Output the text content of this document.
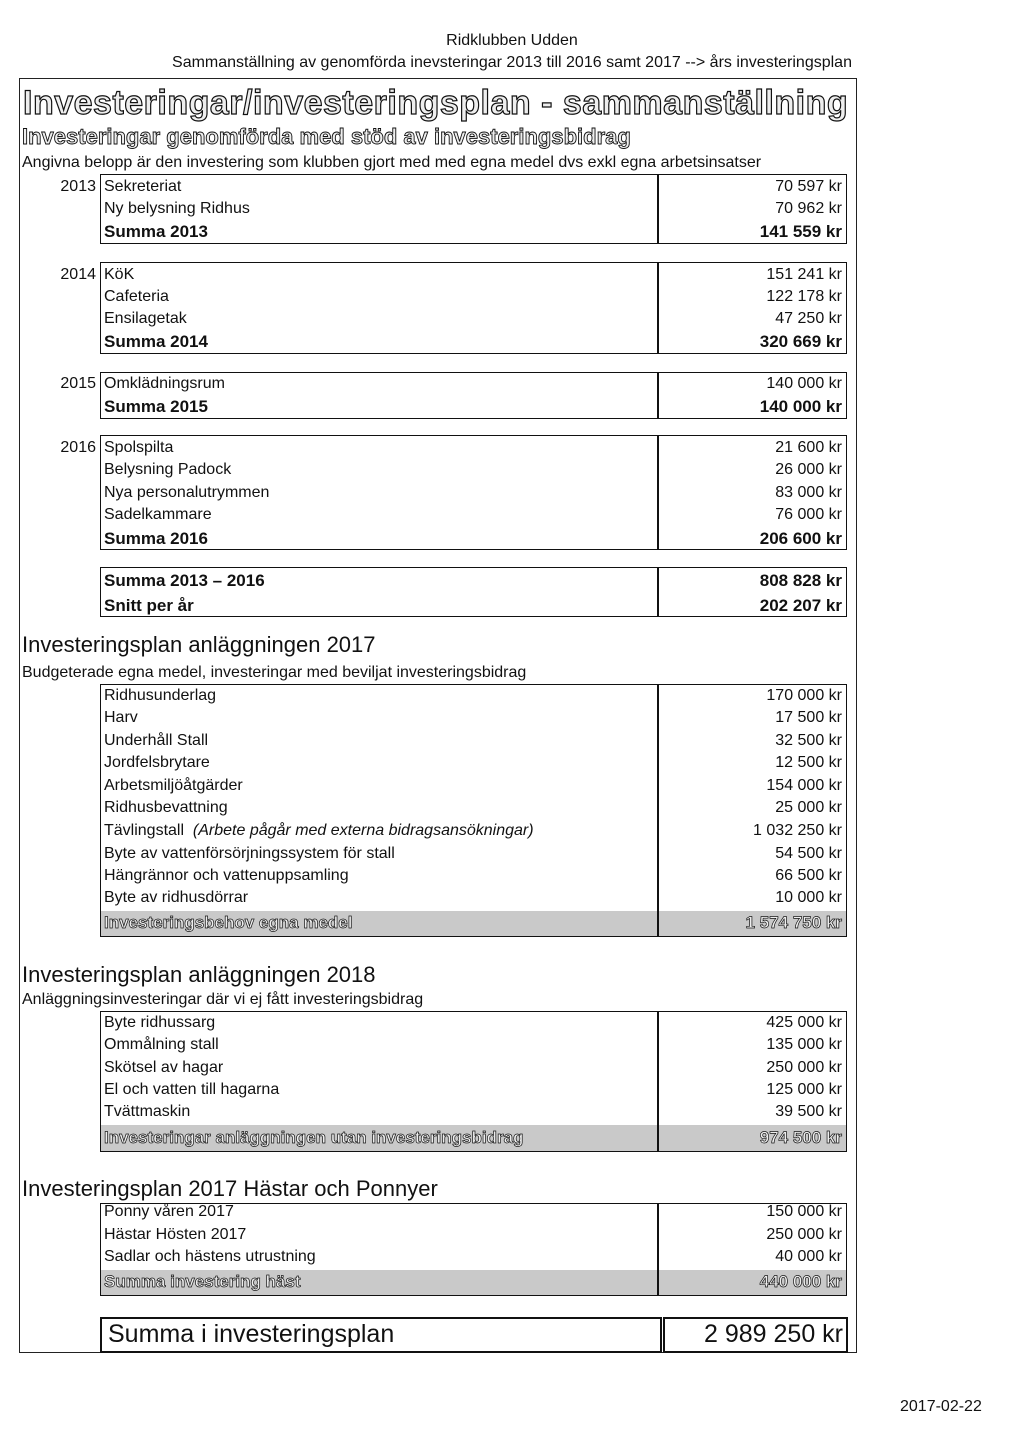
Ridklubben Udden
Sammanställning av genomförda inevsteringar 2013 till 2016 samt 2017 --> års investeringsplan
Investeringar/investeringsplan - sammanställning
Investeringar genomförda med stöd av investeringsbidrag
Angivna belopp är den investering som klubben gjort med med egna medel dvs exkl egna arbetsinsatser
2013 Sekreteriat	70 597 kr
Ny belysning Ridhus	70 962 kr
Summa 2013	141 559 kr
2014 KöK	151 241 kr
Cafeteria	122 178 kr
Ensilagetak	47 250 kr
Summa 2014	320 669 kr
2015 Omklädningsrum	140 000 kr
Summa 2015	140 000 kr
2016 Spolspilta	21 600 kr
Belysning Padock	26 000 kr
Nya personalutrymmen	83 000 kr
Sadelkammare	76 000 kr
Summa 2016	206 600 kr
Summa 2013 – 2016	808 828 kr
Snitt per år	202 207 kr
Investeringsplan anläggningen 2017
Budgeterade egna medel, investeringar med beviljat investeringsbidrag
Ridhusunderlag	170 000 kr
Harv	17 500 kr
Underhåll Stall	32 500 kr
Jordfelsbrytare	12 500 kr
Arbetsmiljöåtgärder	154 000 kr
Ridhusbevattning	25 000 kr
Tävlingstall (Arbete pågår med externa bidragsansökningar)	1 032 250 kr
Byte av vattenförsörjningssystem för stall	54 500 kr
Hängrännor och vattenuppsamling	66 500 kr
Byte av ridhusdörrar	10 000 kr
Investeringsbehov egna medel	1 574 750 kr
Investeringsplan anläggningen 2018
Anläggningsinvesteringar där vi ej fått investeringsbidrag
Byte ridhussarg	425 000 kr
Ommålning stall	135 000 kr
Skötsel av hagar	250 000 kr
El och vatten till hagarna	125 000 kr
Tvättmaskin	39 500 kr
Investeringar anläggningen utan investeringsbidrag	974 500 kr
Investeringsplan 2017 Hästar och Ponnyer
Ponny våren 2017	150 000 kr
Hästar Hösten 2017	250 000 kr
Sadlar och hästens utrustning	40 000 kr
Summa investering häst	440 000 kr
Summa i investeringsplan	2 989 250 kr
2017-02-22
